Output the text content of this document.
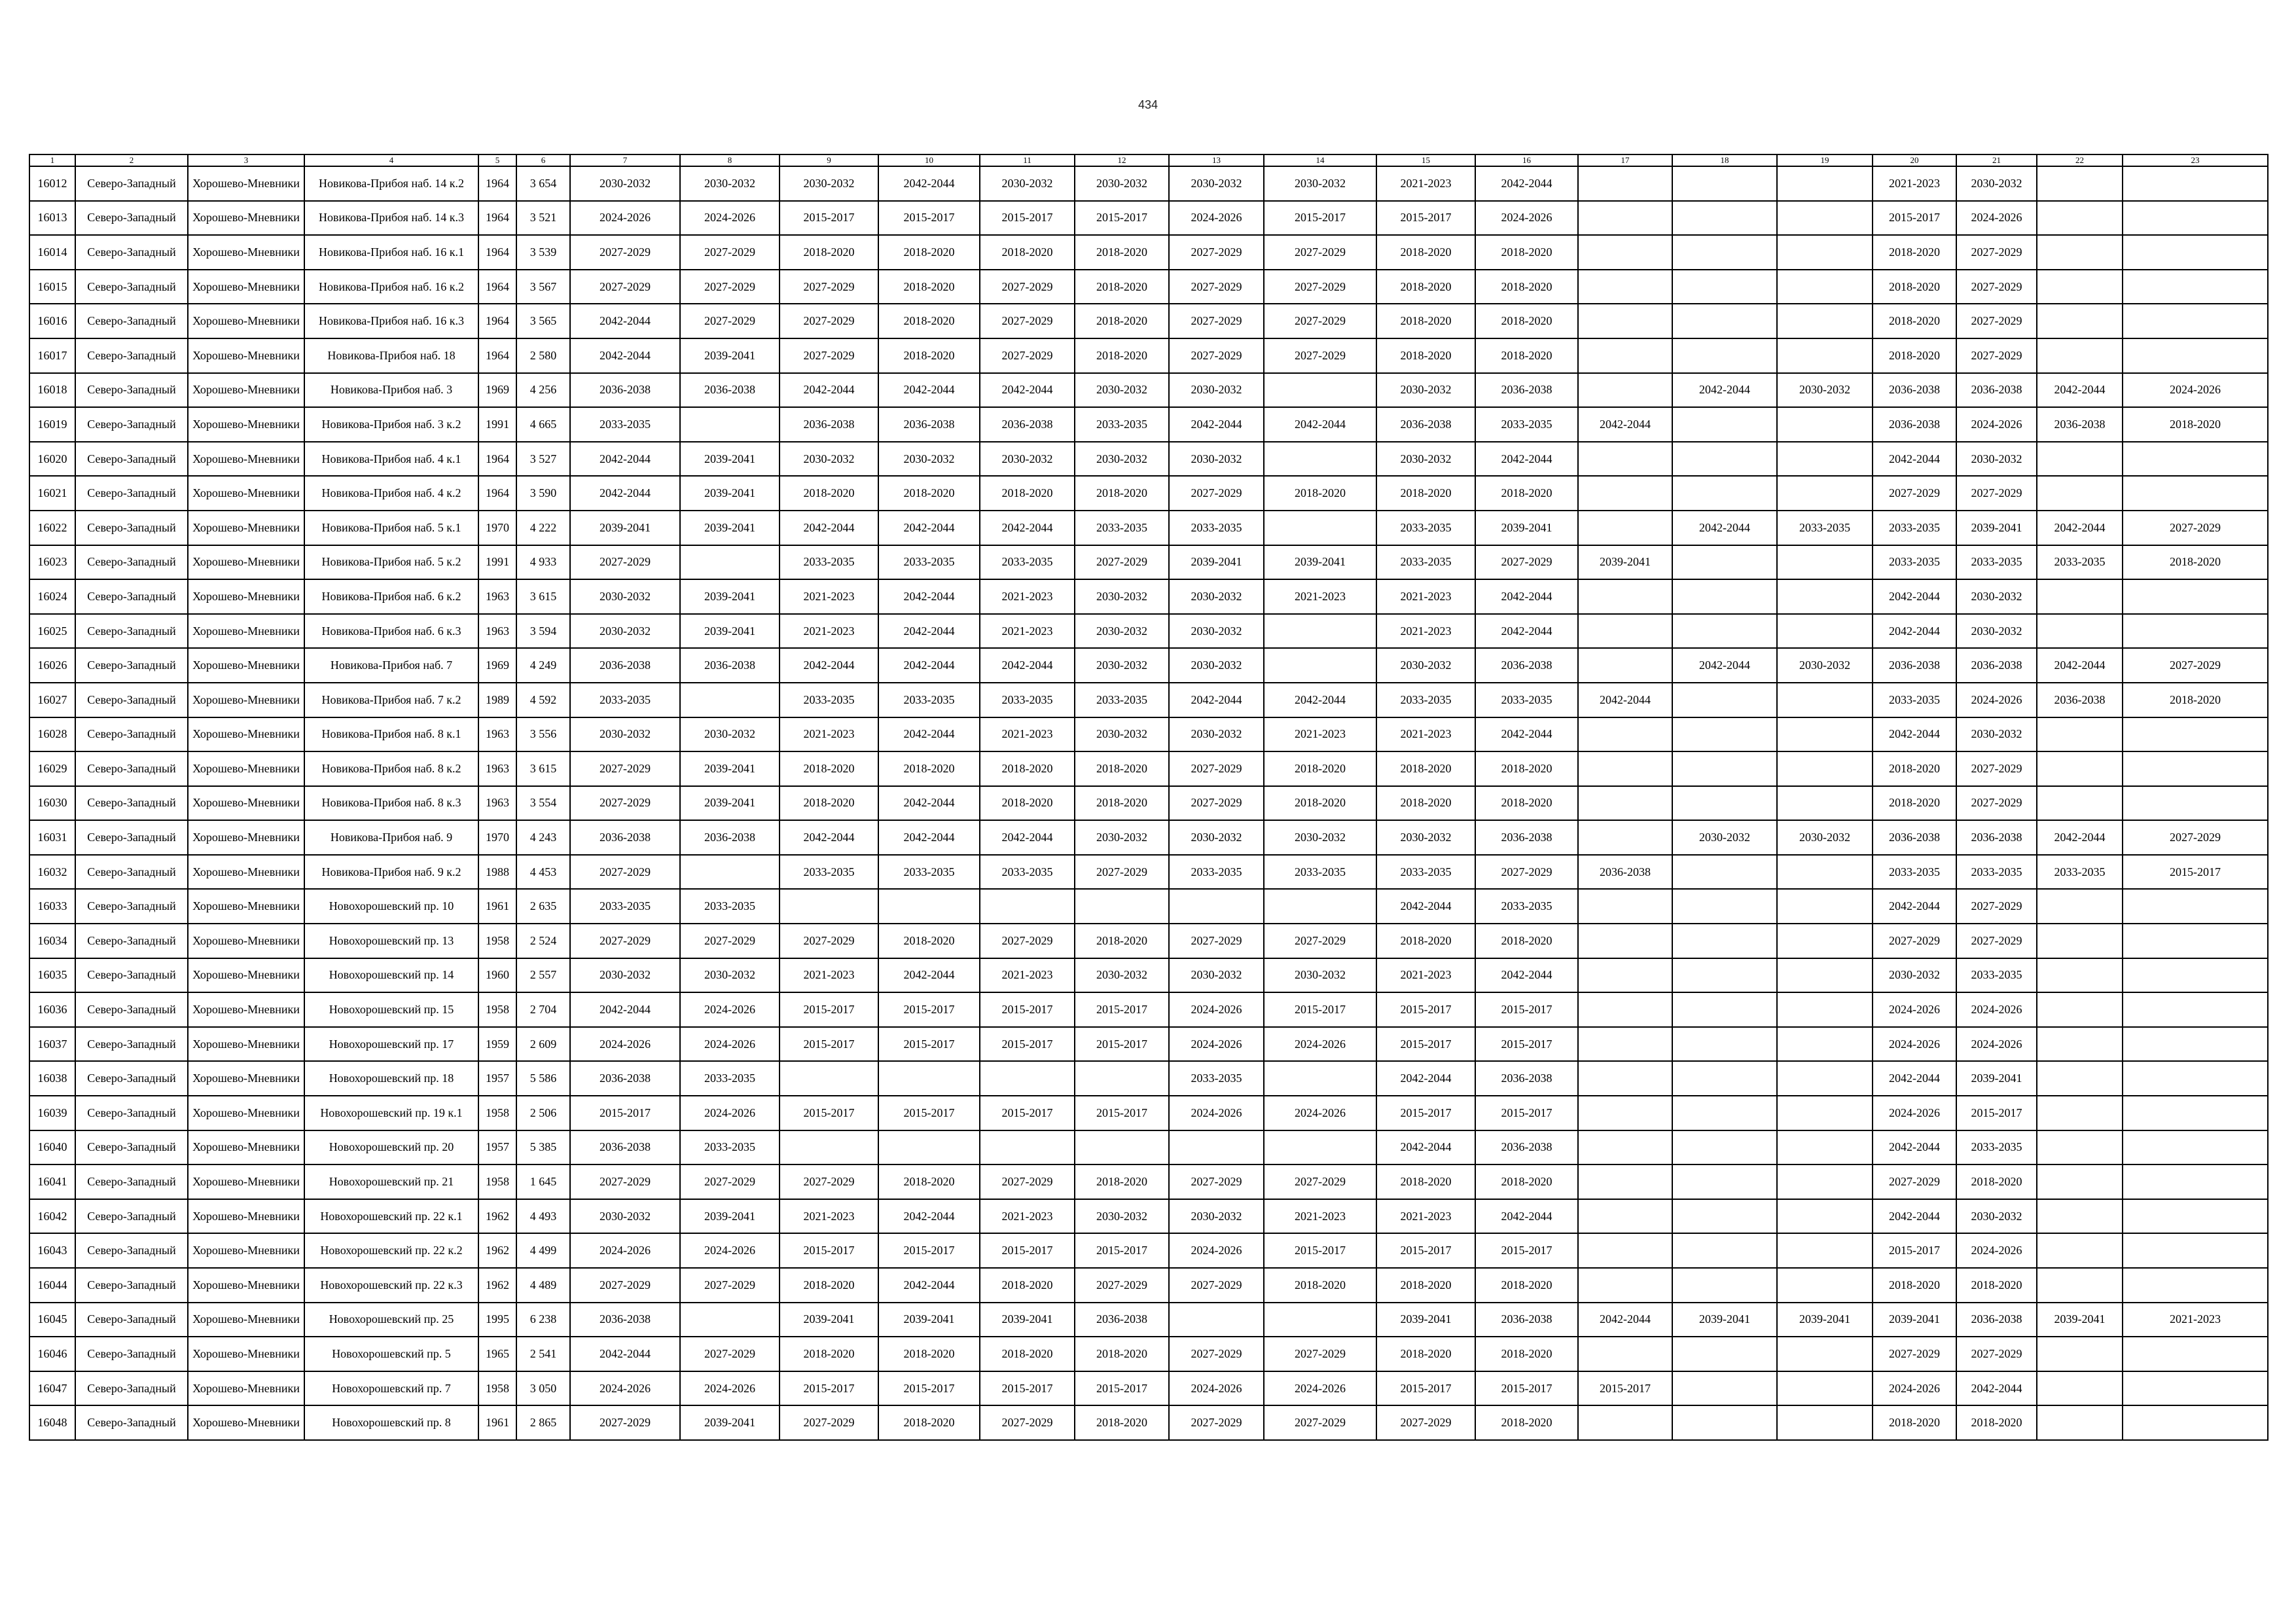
434
1	2	3	4	5	6	7	8	9	10	11	12	13	14	15	16	17	18	19	20	21	22	23
16012	Северо-Западный	Хорошево-Мневники	Новикова-Прибоя наб. 14 к.2	1964	3 654	2030-2032	2030-2032	2030-2032	2042-2044	2030-2032	2030-2032	2030-2032	2030-2032	2021-2023	2042-2044				2021-2023	2030-2032		
16013	Северо-Западный	Хорошево-Мневники	Новикова-Прибоя наб. 14 к.3	1964	3 521	2024-2026	2024-2026	2015-2017	2015-2017	2015-2017	2015-2017	2024-2026	2015-2017	2015-2017	2024-2026				2015-2017	2024-2026		
16014	Северо-Западный	Хорошево-Мневники	Новикова-Прибоя наб. 16 к.1	1964	3 539	2027-2029	2027-2029	2018-2020	2018-2020	2018-2020	2018-2020	2027-2029	2027-2029	2018-2020	2018-2020				2018-2020	2027-2029		
16015	Северо-Западный	Хорошево-Мневники	Новикова-Прибоя наб. 16 к.2	1964	3 567	2027-2029	2027-2029	2027-2029	2018-2020	2027-2029	2018-2020	2027-2029	2027-2029	2018-2020	2018-2020				2018-2020	2027-2029		
16016	Северо-Западный	Хорошево-Мневники	Новикова-Прибоя наб. 16 к.3	1964	3 565	2042-2044	2027-2029	2027-2029	2018-2020	2027-2029	2018-2020	2027-2029	2027-2029	2018-2020	2018-2020				2018-2020	2027-2029		
16017	Северо-Западный	Хорошево-Мневники	Новикова-Прибоя наб. 18	1964	2 580	2042-2044	2039-2041	2027-2029	2018-2020	2027-2029	2018-2020	2027-2029	2027-2029	2018-2020	2018-2020				2018-2020	2027-2029		
16018	Северо-Западный	Хорошево-Мневники	Новикова-Прибоя наб. 3	1969	4 256	2036-2038	2036-2038	2042-2044	2042-2044	2042-2044	2030-2032	2030-2032		2030-2032	2036-2038		2042-2044	2030-2032	2036-2038	2036-2038	2042-2044	2024-2026
16019	Северо-Западный	Хорошево-Мневники	Новикова-Прибоя наб. 3 к.2	1991	4 665	2033-2035		2036-2038	2036-2038	2036-2038	2033-2035	2042-2044	2042-2044	2036-2038	2033-2035	2042-2044			2036-2038	2024-2026	2036-2038	2018-2020
16020	Северо-Западный	Хорошево-Мневники	Новикова-Прибоя наб. 4 к.1	1964	3 527	2042-2044	2039-2041	2030-2032	2030-2032	2030-2032	2030-2032	2030-2032		2030-2032	2042-2044				2042-2044	2030-2032		
16021	Северо-Западный	Хорошево-Мневники	Новикова-Прибоя наб. 4 к.2	1964	3 590	2042-2044	2039-2041	2018-2020	2018-2020	2018-2020	2018-2020	2027-2029	2018-2020	2018-2020	2018-2020				2027-2029	2027-2029		
16022	Северо-Западный	Хорошево-Мневники	Новикова-Прибоя наб. 5 к.1	1970	4 222	2039-2041	2039-2041	2042-2044	2042-2044	2042-2044	2033-2035	2033-2035		2033-2035	2039-2041		2042-2044	2033-2035	2033-2035	2039-2041	2042-2044	2027-2029
16023	Северо-Западный	Хорошево-Мневники	Новикова-Прибоя наб. 5 к.2	1991	4 933	2027-2029		2033-2035	2033-2035	2033-2035	2027-2029	2039-2041	2039-2041	2033-2035	2027-2029	2039-2041			2033-2035	2033-2035	2033-2035	2018-2020
16024	Северо-Западный	Хорошево-Мневники	Новикова-Прибоя наб. 6 к.2	1963	3 615	2030-2032	2039-2041	2021-2023	2042-2044	2021-2023	2030-2032	2030-2032	2021-2023	2021-2023	2042-2044				2042-2044	2030-2032		
16025	Северо-Западный	Хорошево-Мневники	Новикова-Прибоя наб. 6 к.3	1963	3 594	2030-2032	2039-2041	2021-2023	2042-2044	2021-2023	2030-2032	2030-2032		2021-2023	2042-2044				2042-2044	2030-2032		
16026	Северо-Западный	Хорошево-Мневники	Новикова-Прибоя наб. 7	1969	4 249	2036-2038	2036-2038	2042-2044	2042-2044	2042-2044	2030-2032	2030-2032		2030-2032	2036-2038		2042-2044	2030-2032	2036-2038	2036-2038	2042-2044	2027-2029
16027	Северо-Западный	Хорошево-Мневники	Новикова-Прибоя наб. 7 к.2	1989	4 592	2033-2035		2033-2035	2033-2035	2033-2035	2033-2035	2042-2044	2042-2044	2033-2035	2033-2035	2042-2044			2033-2035	2024-2026	2036-2038	2018-2020
16028	Северо-Западный	Хорошево-Мневники	Новикова-Прибоя наб. 8 к.1	1963	3 556	2030-2032	2030-2032	2021-2023	2042-2044	2021-2023	2030-2032	2030-2032	2021-2023	2021-2023	2042-2044				2042-2044	2030-2032		
16029	Северо-Западный	Хорошево-Мневники	Новикова-Прибоя наб. 8 к.2	1963	3 615	2027-2029	2039-2041	2018-2020	2018-2020	2018-2020	2018-2020	2027-2029	2018-2020	2018-2020	2018-2020				2018-2020	2027-2029		
16030	Северо-Западный	Хорошево-Мневники	Новикова-Прибоя наб. 8 к.3	1963	3 554	2027-2029	2039-2041	2018-2020	2042-2044	2018-2020	2018-2020	2027-2029	2018-2020	2018-2020	2018-2020				2018-2020	2027-2029		
16031	Северо-Западный	Хорошево-Мневники	Новикова-Прибоя наб. 9	1970	4 243	2036-2038	2036-2038	2042-2044	2042-2044	2042-2044	2030-2032	2030-2032	2030-2032	2030-2032	2036-2038		2030-2032	2030-2032	2036-2038	2036-2038	2042-2044	2027-2029
16032	Северо-Западный	Хорошево-Мневники	Новикова-Прибоя наб. 9 к.2	1988	4 453	2027-2029		2033-2035	2033-2035	2033-2035	2027-2029	2033-2035	2033-2035	2033-2035	2027-2029	2036-2038			2033-2035	2033-2035	2033-2035	2015-2017
16033	Северо-Западный	Хорошево-Мневники	Новохорошевский пр. 10	1961	2 635	2033-2035	2033-2035							2042-2044	2033-2035				2042-2044	2027-2029		
16034	Северо-Западный	Хорошево-Мневники	Новохорошевский пр. 13	1958	2 524	2027-2029	2027-2029	2027-2029	2018-2020	2027-2029	2018-2020	2027-2029	2027-2029	2018-2020	2018-2020				2027-2029	2027-2029		
16035	Северо-Западный	Хорошево-Мневники	Новохорошевский пр. 14	1960	2 557	2030-2032	2030-2032	2021-2023	2042-2044	2021-2023	2030-2032	2030-2032	2030-2032	2021-2023	2042-2044				2030-2032	2033-2035		
16036	Северо-Западный	Хорошево-Мневники	Новохорошевский пр. 15	1958	2 704	2042-2044	2024-2026	2015-2017	2015-2017	2015-2017	2015-2017	2024-2026	2015-2017	2015-2017	2015-2017				2024-2026	2024-2026		
16037	Северо-Западный	Хорошево-Мневники	Новохорошевский пр. 17	1959	2 609	2024-2026	2024-2026	2015-2017	2015-2017	2015-2017	2015-2017	2024-2026	2024-2026	2015-2017	2015-2017				2024-2026	2024-2026		
16038	Северо-Западный	Хорошево-Мневники	Новохорошевский пр. 18	1957	5 586	2036-2038	2033-2035					2033-2035		2042-2044	2036-2038				2042-2044	2039-2041		
16039	Северо-Западный	Хорошево-Мневники	Новохорошевский пр. 19 к.1	1958	2 506	2015-2017	2024-2026	2015-2017	2015-2017	2015-2017	2015-2017	2024-2026	2024-2026	2015-2017	2015-2017				2024-2026	2015-2017		
16040	Северо-Западный	Хорошево-Мневники	Новохорошевский пр. 20	1957	5 385	2036-2038	2033-2035							2042-2044	2036-2038				2042-2044	2033-2035		
16041	Северо-Западный	Хорошево-Мневники	Новохорошевский пр. 21	1958	1 645	2027-2029	2027-2029	2027-2029	2018-2020	2027-2029	2018-2020	2027-2029	2027-2029	2018-2020	2018-2020				2027-2029	2018-2020		
16042	Северо-Западный	Хорошево-Мневники	Новохорошевский пр. 22 к.1	1962	4 493	2030-2032	2039-2041	2021-2023	2042-2044	2021-2023	2030-2032	2030-2032	2021-2023	2021-2023	2042-2044				2042-2044	2030-2032		
16043	Северо-Западный	Хорошево-Мневники	Новохорошевский пр. 22 к.2	1962	4 499	2024-2026	2024-2026	2015-2017	2015-2017	2015-2017	2015-2017	2024-2026	2015-2017	2015-2017	2015-2017				2015-2017	2024-2026		
16044	Северо-Западный	Хорошево-Мневники	Новохорошевский пр. 22 к.3	1962	4 489	2027-2029	2027-2029	2018-2020	2042-2044	2018-2020	2027-2029	2027-2029	2018-2020	2018-2020	2018-2020				2018-2020	2018-2020		
16045	Северо-Западный	Хорошево-Мневники	Новохорошевский пр. 25	1995	6 238	2036-2038		2039-2041	2039-2041	2039-2041	2036-2038			2039-2041	2036-2038	2042-2044	2039-2041	2039-2041	2039-2041	2036-2038	2039-2041	2021-2023
16046	Северо-Западный	Хорошево-Мневники	Новохорошевский пр. 5	1965	2 541	2042-2044	2027-2029	2018-2020	2018-2020	2018-2020	2018-2020	2027-2029	2027-2029	2018-2020	2018-2020				2027-2029	2027-2029		
16047	Северо-Западный	Хорошево-Мневники	Новохорошевский пр. 7	1958	3 050	2024-2026	2024-2026	2015-2017	2015-2017	2015-2017	2015-2017	2024-2026	2024-2026	2015-2017	2015-2017	2015-2017			2024-2026	2042-2044		
16048	Северо-Западный	Хорошево-Мневники	Новохорошевский пр. 8	1961	2 865	2027-2029	2039-2041	2027-2029	2018-2020	2027-2029	2018-2020	2027-2029	2027-2029	2027-2029	2018-2020				2018-2020	2018-2020		
